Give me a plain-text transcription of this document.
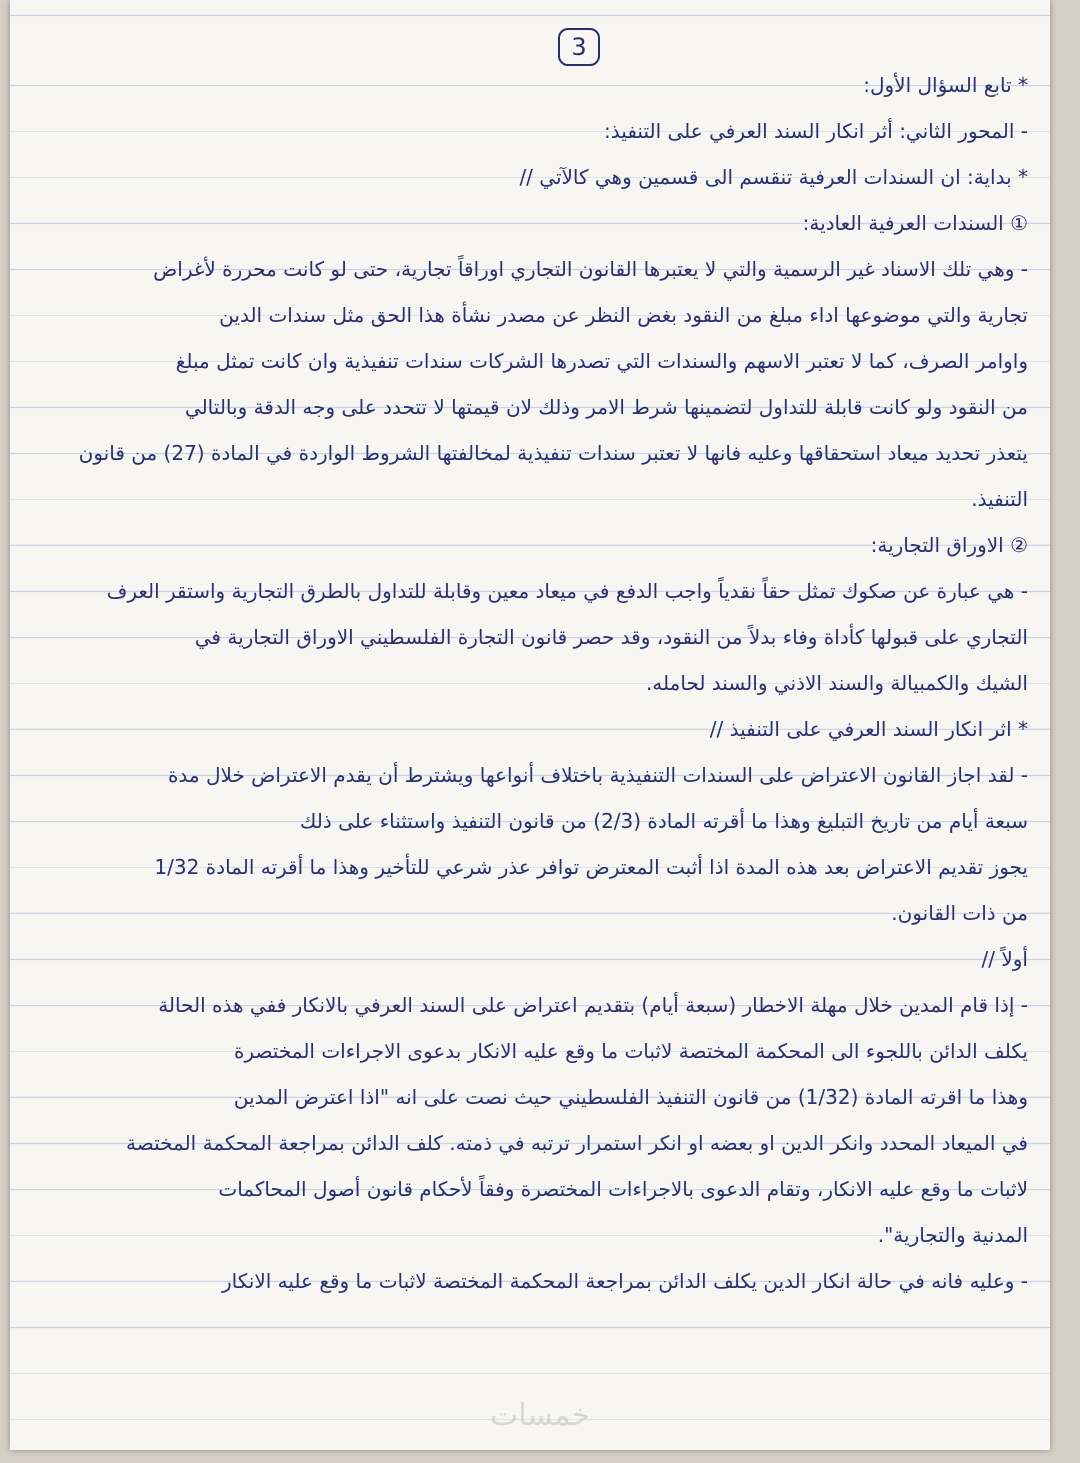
3
* تابع السؤال الأول:
- المحور الثاني: أثر انكار السند العرفي على التنفيذ:
* بداية: ان السندات العرفية تنقسم الى قسمين وهي كالآتي //
① السندات العرفية العادية:
- وهي تلك الاسناد غير الرسمية والتي لا يعتبرها القانون التجاري اوراقاً تجارية، حتى لو كانت محررة لأغراض
تجارية والتي موضوعها اداء مبلغ من النقود بغض النظر عن مصدر نشأة هذا الحق مثل سندات الدين
واوامر الصرف، كما لا تعتبر الاسهم والسندات التي تصدرها الشركات سندات تنفيذية وان كانت تمثل مبلغ
من النقود ولو كانت قابلة للتداول لتضمينها شرط الامر وذلك لان قيمتها لا تتحدد على وجه الدقة وبالتالي
يتعذر تحديد ميعاد استحقاقها وعليه فانها لا تعتبر سندات تنفيذية لمخالفتها الشروط الواردة في المادة (27) من قانون
التنفيذ.
② الاوراق التجارية:
- هي عبارة عن صكوك تمثل حقاً نقدياً واجب الدفع في ميعاد معين وقابلة للتداول بالطرق التجارية واستقر العرف
التجاري على قبولها كأداة وفاء بدلاً من النقود، وقد حصر قانون التجارة الفلسطيني الاوراق التجارية في
الشيك والكمبيالة والسند الاذني والسند لحامله.
* اثر انكار السند العرفي على التنفيذ //
- لقد اجاز القانون الاعتراض على السندات التنفيذية باختلاف أنواعها ويشترط أن يقدم الاعتراض خلال مدة
سبعة أيام من تاريخ التبليغ وهذا ما أقرته المادة (2/3) من قانون التنفيذ واستثناء على ذلك
يجوز تقديم الاعتراض بعد هذه المدة اذا أثبت المعترض توافر عذر شرعي للتأخير وهذا ما أقرته المادة 1/32
من ذات القانون.
أولاً //
- إذا قام المدين خلال مهلة الاخطار (سبعة أيام) بتقديم اعتراض على السند العرفي بالانكار ففي هذه الحالة
يكلف الدائن باللجوء الى المحكمة المختصة لاثبات ما وقع عليه الانكار بدعوى الاجراءات المختصرة
وهذا ما اقرته المادة (1/32) من قانون التنفيذ الفلسطيني حيث نصت على انه "اذا اعترض المدين
في الميعاد المحدد وانكر الدين او بعضه او انكر استمرار ترتبه في ذمته. كلف الدائن بمراجعة المحكمة المختصة
لاثبات ما وقع عليه الانكار، وتقام الدعوى بالاجراءات المختصرة وفقاً لأحكام قانون أصول المحاكمات
المدنية والتجارية".
- وعليه فانه في حالة انكار الدين يكلف الدائن بمراجعة المحكمة المختصة لاثبات ما وقع عليه الانكار
خمسات
